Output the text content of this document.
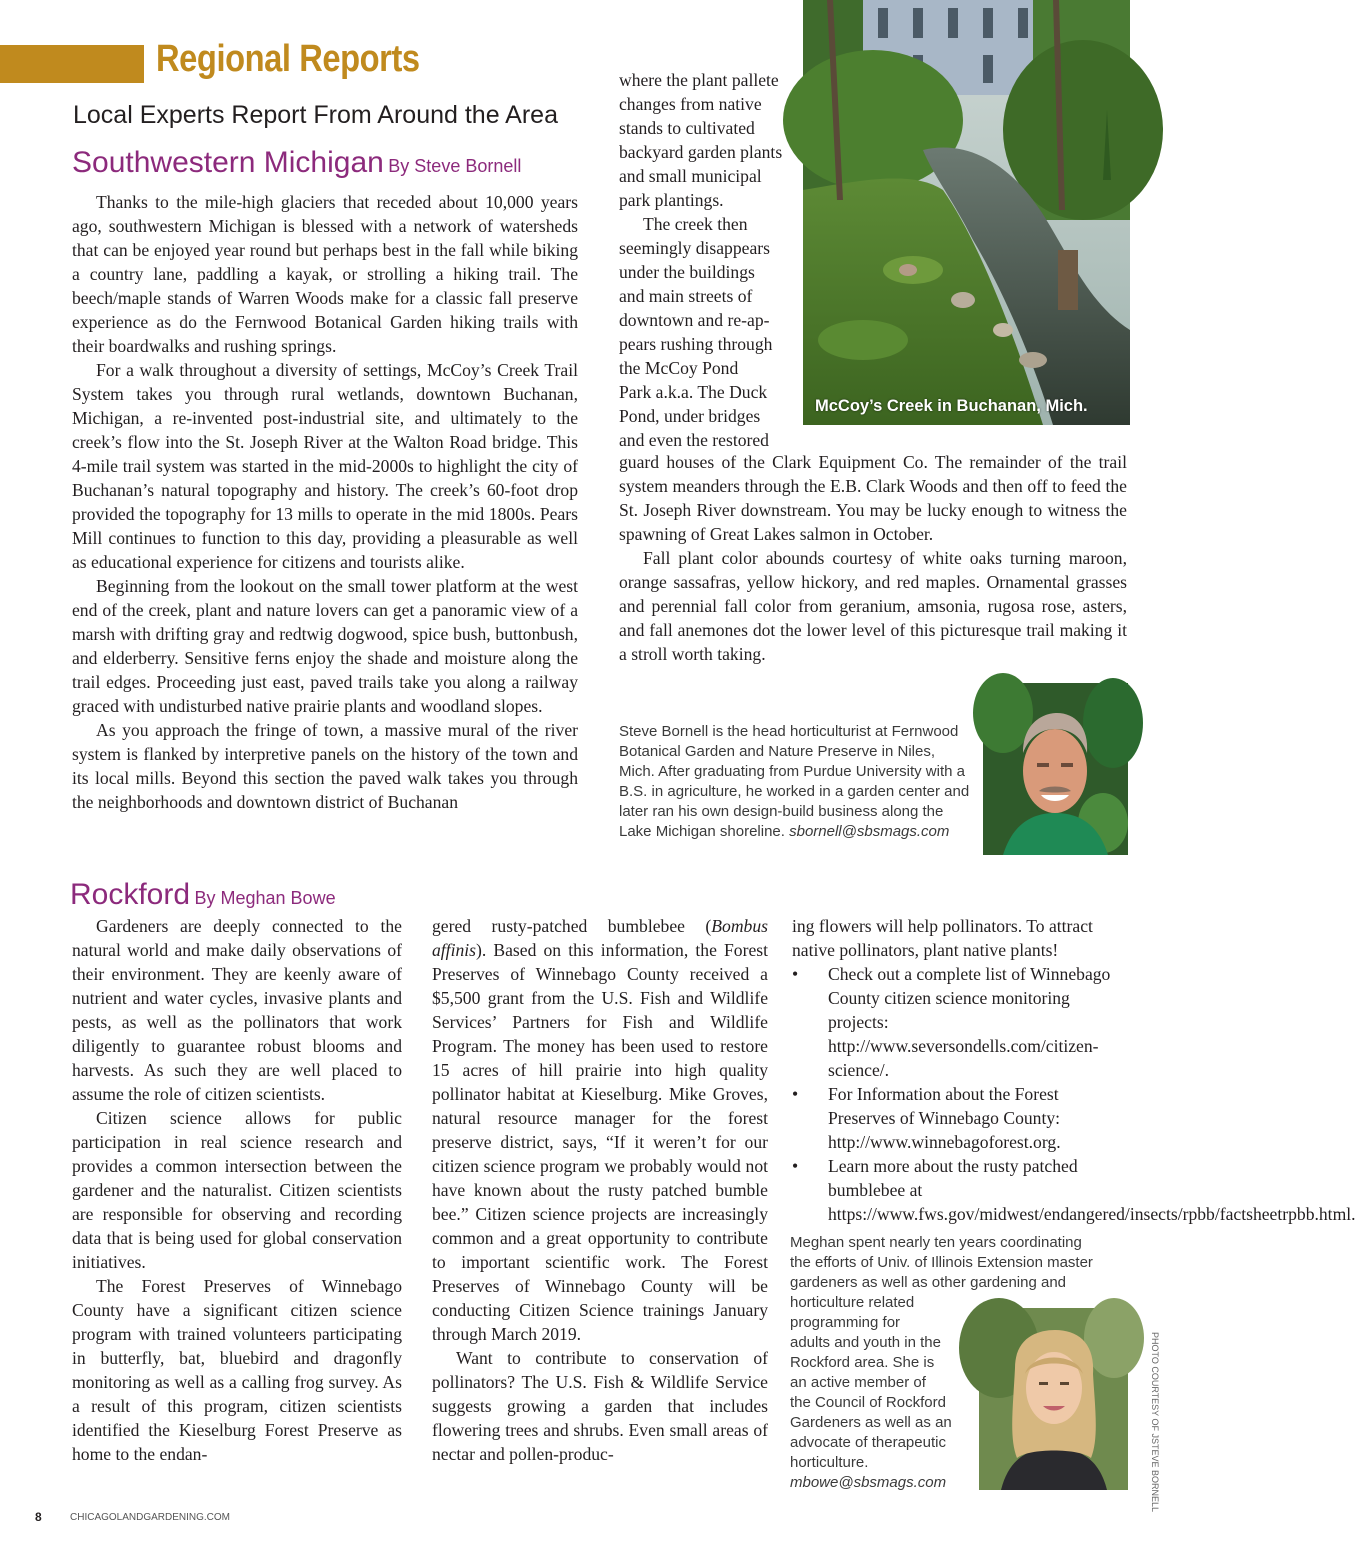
Regional Reports
Local Experts Report From Around the Area
Southwestern Michigan By Steve Bornell

Thanks to the mile-high glaciers that receded about 10,000 years ago, southwestern Michigan is blessed with a network of watersheds that can be enjoyed year round but perhaps best in the fall while biking a country lane, paddling a kayak, or strolling a hiking trail. The beech/maple stands of Warren Woods make for a classic fall preserve experience as do the Fernwood Botanical Garden hiking trails with their boardwalks and rushing springs.

For a walk throughout a diversity of settings, McCoy’s Creek Trail System takes you through rural wetlands, downtown Buchanan, Michigan, a re-invented post-industrial site, and ultimately to the creek’s flow into the St. Joseph River at the Walton Road bridge. This 4-mile trail system was started in the mid-2000s to highlight the city of Buchanan’s natural topography and history. The creek’s 60-foot drop provided the topography for 13 mills to operate in the mid 1800s. Pears Mill continues to function to this day, providing a pleasurable as well as educational experience for citizens and tourists alike.

Beginning from the lookout on the small tower platform at the west end of the creek, plant and nature lovers can get a panoramic view of a marsh with drifting gray and redtwig dogwood, spice bush, buttonbush, and elderberry. Sensitive ferns enjoy the shade and moisture along the trail edges. Proceeding just east, paved trails take you along a railway graced with undisturbed native prairie plants and woodland slopes.

As you approach the fringe of town, a massive mural of the river system is flanked by interpretive panels on the history of the town and its local mills. Beyond this section the paved walk takes you through the neighborhoods and downtown district of Buchanan

where the plant pallete
changes from native
stands to cultivated
backyard garden plants
and small municipal
park plantings.
The creek then
seemingly disappears
under the buildings
and main streets of
downtown and re-ap-
pears rushing through
the McCoy Pond
Park a.k.a. The Duck
Pond, under bridges
and even the restored

guard houses of the Clark Equipment Co. The remainder of the trail system meanders through the E.B. Clark Woods and then off to feed the St. Joseph River downstream. You may be lucky enough to witness the spawning of Great Lakes salmon in October.

Fall plant color abounds courtesy of white oaks turning maroon, orange sassafras, yellow hickory, and red maples. Ornamental grasses and perennial fall color from geranium, amsonia, rugosa rose, asters, and fall anemones dot the lower level of this picturesque trail making it a stroll worth taking.

McCoy’s Creek in Buchanan, Mich.
Steve Bornell is the head horticulturist at Fernwood Botanical Garden and Nature Preserve in Niles, Mich. After graduating from Purdue University with a B.S. in agriculture, he worked in a garden center and later ran his own design-build business along the Lake Michigan shoreline. sbornell@sbsmags.com
Rockford By Meghan Bowe

Gardeners are deeply connected to the natural world and make daily observations of their environment. They are keenly aware of nutrient and water cycles, invasive plants and pests, as well as the pollinators that work diligently to guarantee robust blooms and harvests. As such they are well placed to assume the role of citizen scientists.

Citizen science allows for public participation in real science research and provides a common intersection between the gardener and the naturalist. Citizen scientists are responsible for observing and recording data that is being used for global conservation initiatives.

The Forest Preserves of Winnebago County have a significant citizen science program with trained volunteers participating in butterfly, bat, bluebird and dragonfly monitoring as well as a calling frog survey. As a result of this program, citizen scientists identified the Kieselburg Forest Preserve as home to the endan-

gered rusty-patched bumblebee (Bombus affinis). Based on this information, the Forest Preserves of Winnebago County received a $5,500 grant from the U.S. Fish and Wildlife Services’ Partners for Fish and Wildlife Program. The money has been used to restore 15 acres of hill prairie into high quality pollinator habitat at Kieselburg. Mike Groves, natural resource manager for the forest preserve district, says, “If it weren’t for our citizen science program we probably would not have known about the rusty patched bumble bee.” Citizen science projects are increasingly common and a great opportunity to contribute to important scientific work. The Forest Preserves of Winnebago County will be conducting Citizen Science trainings January through March 2019.

Want to contribute to conservation of pollinators? The U.S. Fish & Wildlife Service suggests growing a garden that includes flowering trees and shrubs. Even small areas of nectar and pollen-produc-

ing flowers will help pollinators. To attract native pollinators, plant native plants!

• Check out a complete list of Winnebago County citizen science monitoring projects: http://www.seversondells.com/citizen-science/.
• For Information about the Forest Preserves of Winnebago County: http://www.winnebagoforest.org.
• Learn more about the rusty patched bumblebee at https://www.fws.gov/midwest/endangered/insects/rpbb/factsheetrpbb.html.
Meghan spent nearly ten years coordinating
the efforts of Univ. of Illinois Extension master
gardeners as well as other gardening and
horticulture related
programming for
adults and youth in the
Rockford area. She is
an active member of
the Council of Rockford
Gardeners as well as an
advocate of therapeutic
horticulture.
mbowe@sbsmags.com	PHOTO COURTESY OF JSTEVE BORNELL
8	CHICAGOLANDGARDENING.COM
